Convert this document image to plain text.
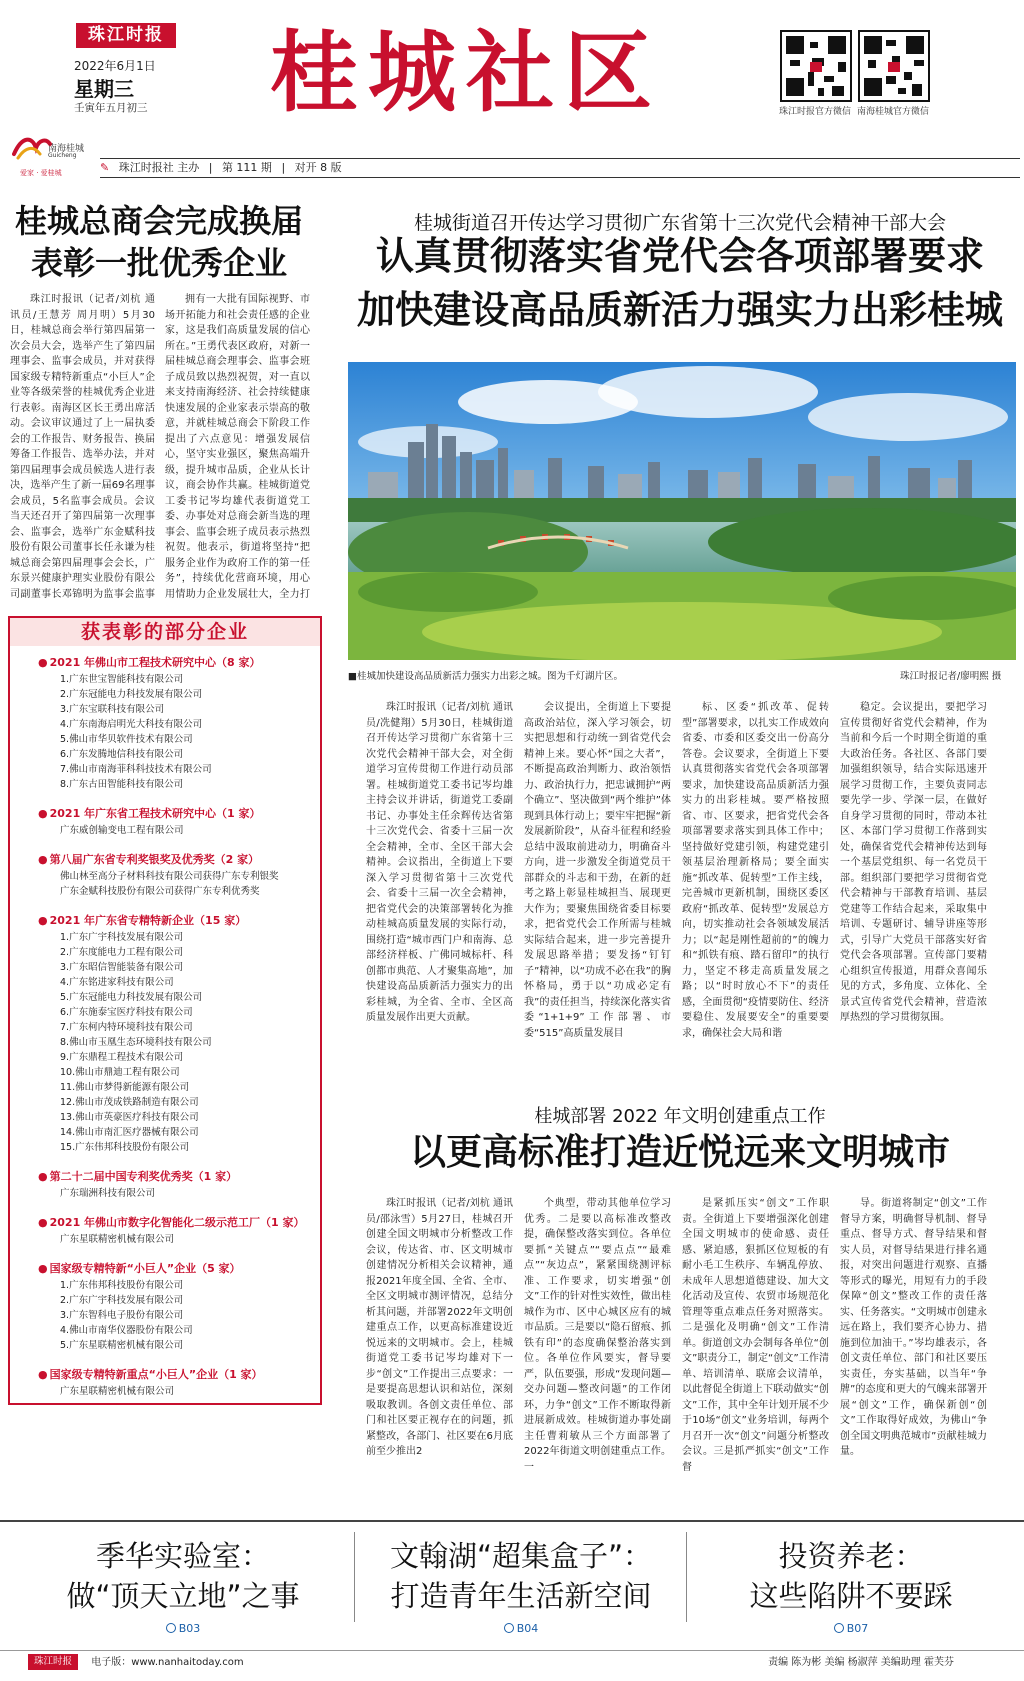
珠江时报
2022年6月1日
星期三
壬寅年五月初三 桂城社区	珠江时报官方微信 南海桂城官方微信
南海桂城
Guicheng
爱家 · 爱桂城	✎ 珠江时报社 主办 | 第 111 期 | 对开 8 版
桂城总商会完成换届
表彰一批优秀企业
珠江时报讯（记者/刘杭 通讯员/王慧芳 周月明）5月30日，桂城总商会举行第四届第一次会员大会，选举产生了第四届理事会、监事会成员，并对获得国家级专精特新重点“小巨人”企业等各级荣誉的桂城优秀企业进行表彰。南海区区长王勇出席活动。会议审议通过了上一届执委会的工作报告、财务报告、换届筹备工作报告、选举办法，并对第四届理事会成员候选人进行表决，选举产生了新一届69名理事会成员，5名监事会成员。会议当天还召开了第四届第一次理事会、监事会，选举广东金赋科技股份有限公司董事长任永谦为桂城总商会第四届理事会会长，广东景兴健康护理实业股份有限公司副董事长邓锦明为监事会监事
拥有一大批有国际视野、市场开拓能力和社会责任感的企业家，这是我们高质量发展的信心所在。”王勇代表区政府，对新一届桂城总商会理事会、监事会班子成员致以热烈祝贺，对一直以来支持南海经济、社会持续健康快速发展的企业家表示崇高的敬意，并就桂城总商会下阶段工作提出了六点意见：增强发展信心，坚守实业强区，聚焦高端升级，提升城市品质，企业从长计议，商会协作共赢。桂城街道党工委书记岑均雄代表街道党工委、办事处对总商会新当选的理事会、监事会班子成员表示热烈祝贺。他表示，街道将坚持“把服务企业作为政府工作的第一任务”，持续优化营商环境，用心用情助力企业发展壮大，全力打
获表彰的部分企业
● 2021 年佛山市工程技术研究中心（8 家）
1.广东世宝智能科技有限公司
2.广东冠能电力科技发展有限公司
3.广东宝联科技有限公司
4.广东南海启明光大科技有限公司
5.佛山市华贝软件技术有限公司
6.广东发腾地信科技有限公司
7.佛山市南海菲科科技技术有限公司
8.广东古田智能科技有限公司
● 2021 年广东省工程技术研究中心（1 家）
广东威创输变电工程有限公司
● 第八届广东省专利奖银奖及优秀奖（2 家）
佛山林至高分子材料科技有限公司获得广东专利银奖
广东金赋科技股份有限公司获得广东专利优秀奖
● 2021 年广东省专精特新企业（15 家）
1.广东广宇科技发展有限公司
2.广东度能电力工程有限公司
3.广东昭信智能装备有限公司
4.广东铭进家科技有限公司
5.广东冠能电力科技发展有限公司
6.广东施泰宝医疗科技有限公司
7.广东柯内特环境科技有限公司
8.佛山市玉凰生态环境科技有限公司
9.广东鼎程工程技术有限公司
10.佛山市鼎迪工程有限公司
11.佛山市梦得新能源有限公司
12.佛山市茂成铁路制造有限公司
13.佛山市英豪医疗科技有限公司
14.佛山市南汇医疗器械有限公司
15.广东伟邦科技股份有限公司
● 第二十二届中国专利奖优秀奖（1 家）
广东瑞洲科技有限公司
● 2021 年佛山市数字化智能化二级示范工厂（1 家）
广东星联精密机械有限公司
● 国家级专精特新“小巨人”企业（5 家）
1.广东伟邦科技股份有限公司
2.广东广宇科技发展有限公司
3.广东智科电子股份有限公司
4.佛山市南华仪器股份有限公司
5.广东星联精密机械有限公司
● 国家级专精特新重点“小巨人”企业（1 家）
广东星联精密机械有限公司
桂城街道召开传达学习贯彻广东省第十三次党代会精神干部大会
认真贯彻落实省党代会各项部署要求
加快建设高品质新活力强实力出彩桂城
■桂城加快建设高品质新活力强实力出彩之城。图为千灯湖片区。	珠江时报记者/廖明熙 摄
珠江时报讯（记者/刘杭 通讯员/冼健翔）5月30日，桂城街道召开传达学习贯彻广东省第十三次党代会精神干部大会，对全街道学习宣传贯彻工作进行动员部署。桂城街道党工委书记岑均雄主持会议并讲话，街道党工委副书记、办事处主任余辉传达省第十三次党代会、省委十三届一次全会精神，全市、全区干部大会精神。会议指出，全街道上下要深入学习贯彻省第十三次党代会、省委十三届一次全会精神，把省党代会的决策部署转化为推动桂城高质量发展的实际行动，围绕打造“城市西门户和南海、总部经济样板、广佛同城标杆、科创都市典范、人才聚集高地”，加快建设高品质新活力强实力的出彩桂城，为全省、全市、全区高质量发展作出更大贡献。
会议提出，全街道上下要提高政治站位，深入学习领会，切实把思想和行动统一到省党代会精神上来。要心怀“国之大者”，不断提高政治判断力、政治领悟力、政治执行力，把忠诚拥护“两个确立”、坚决做到“两个维护”体现到具体行动上；要牢牢把握“新发展新阶段”，从奋斗征程和经验总结中汲取前进动力，明确奋斗方向，进一步激发全街道党员干部群众的斗志和干劲，在新的赶考之路上彰显桂城担当、展现更大作为；要聚焦围绕省委目标要求，把省党代会工作所需与桂城实际结合起来，进一步完善提升发展思路举措；要发扬“钉钉子”精神，以“功成不必在我”的胸怀格局，勇于以“功成必定有我”的责任担当，持续深化落实省委“1+1+9”工作部署、市委“515”高质量发展目
标、区委“抓改革、促转型”部署要求，以扎实工作成效向省委、市委和区委交出一份高分答卷。会议要求，全街道上下要认真贯彻落实省党代会各项部署要求，加快建设高品质新活力强实力的出彩桂城。要严格按照省、市、区要求，把省党代会各项部署要求落实到具体工作中；坚持做好党建引领，构建党建引领基层治理新格局；要全面实施“抓改革、促转型”工作主线，完善城市更新机制，围绕区委区政府“抓改革、促转型”发展总方向，切实推动社会各领域发展活力；以“起是刚性超前的”的魄力和“抓铁有痕、踏石留印”的执行力，坚定不移走高质量发展之路；以“时时放心不下”的责任感，全面贯彻“疫情要防住、经济要稳住、发展要安全”的重要要求，确保社会大局和谐
稳定。会议提出，要把学习宣传贯彻好省党代会精神，作为当前和今后一个时期全街道的重大政治任务。各社区、各部门要加强组织领导，结合实际迅速开展学习贯彻工作，主要负责同志要先学一步、学深一层，在做好自身学习贯彻的同时，带动本社区、本部门学习贯彻工作落到实处，确保省党代会精神传达到每一个基层党组织、每一名党员干部。组织部门要把学习贯彻省党代会精神与干部教育培训、基层党建等工作结合起来，采取集中培训、专题研讨、辅导讲座等形式，引导广大党员干部落实好省党代会各项部署。宣传部门要精心组织宣传报道，用群众喜闻乐见的方式，多角度、立体化、全景式宣传省党代会精神，营造浓厚热烈的学习贯彻氛围。
桂城部署 2022 年文明创建重点工作
以更高标准打造近悦远来文明城市
珠江时报讯（记者/刘杭 通讯员/邵泳雪）5月27日，桂城召开创建全国文明城市分析整改工作会议，传达省、市、区文明城市创建情况分析相关会议精神，通报2021年度全国、全省、全市、全区文明城市测评情况，总结分析其问题，并部署2022年文明创建重点工作，以更高标准建设近悦远来的文明城市。会上，桂城街道党工委书记岑均雄对下一步“创文”工作提出三点要求：一是要提高思想认识和站位，深刻吸取教训。各创文责任单位、部门和社区要正视存在的问题，抓紧整改，各部门、社区要在6月底前至少推出2
个典型，带动其他单位学习优秀。二是要以高标准改整改提，确保整改落实到位。各单位要抓“关键点”“要点点”“最难点”“灰边点”，紧紧围绕测评标准、工作要求，切实增强“创文”工作的针对性实效性，做出桂城作为市、区中心城区应有的城市品质。三是要以“隐石留痕、抓铁有印”的态度确保整治落实到位。各单位作风要实，督导要严，队伍要强，形成“发现问题—交办问题—整改问题”的工作闭环，力争“创文”工作不断取得新进展新成效。桂城街道办事处副主任曹莉敏从三个方面部署了2022年街道文明创建重点工作。一
是紧抓压实“创文”工作职责。全街道上下要增强深化创建全国文明城市的使命感、责任感、紧迫感，狠抓区位短板的有耐小毛工生秩序、车辆乱停放、未成年人思想道德建设、加大文化活动及宣传、农贸市场规范化管理等重点难点任务对照落实。二是强化及明确“创文”工作清单。街道创文办会制每各单位“创文”职责分工，制定“创文”工作清单、培训清单、联席会议清单，以此督促全街道上下联动做实“创文”工作，其中全年计划开展不少于10场“创文”业务培训，每两个月召开一次“创文”问题分析整改会议。三是抓严抓实“创文”工作督
导。街道将制定“创文”工作督导方案，明确督导机制、督导重点、督导方式、督导结果和督实人员，对督导结果进行排名通报，对突出问题进行观察、直播等形式的曝光，用短有力的手段保障“创文”整改工作的责任落实、任务落实。“文明城市创建永远在路上，我们要齐心协力、措施到位加油干。”岑均雄表示，各创文责任单位、部门和社区要压实责任，夯实基础，以当年“争牌”的态度和更大的气魄来部署开展“创文”工作，确保新创“创文”工作取得好成效，为佛山“争创全国文明典范城市”贡献桂城力量。
季华实验室：
做“顶天立地”之事
B03
文翰湖“超集盒子”：
打造青年生活新空间
B04
投资养老：
这些陷阱不要踩
B07
珠江时报 电子版：www.nanhaitoday.com	责编 陈为彬 美编 杨淑萍 美编助理 霍芙芬
